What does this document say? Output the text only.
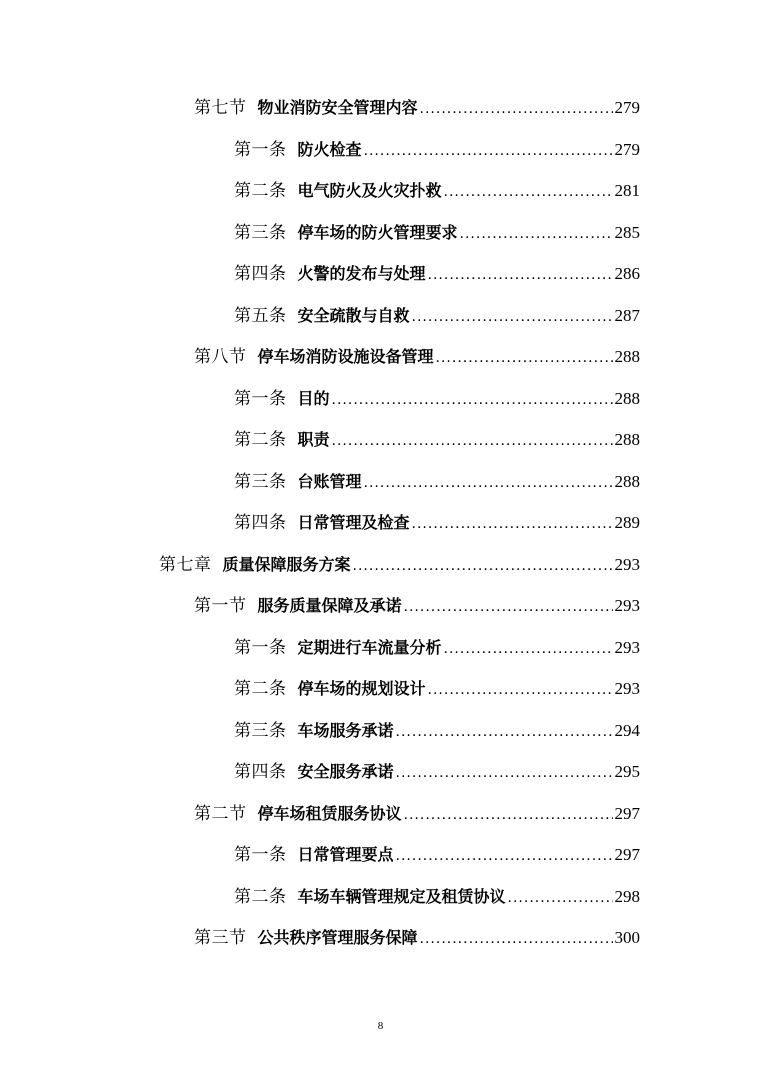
第七节 物业消防安全管理内容 .....	279
第一条 防火检查 .....	279
第二条 电气防火及火灾扑救 .....	281
第三条 停车场的防火管理要求 .....	285
第四条 火警的发布与处理 .....	286
第五条 安全疏散与自救 .....	287
第八节 停车场消防设施设备管理 .....	288
第一条 目的 .....	288
第二条 职责 .....	288
第三条 台账管理 .....	288
第四条 日常管理及检查 .....	289
第七章 质量保障服务方案 .....	293
第一节 服务质量保障及承诺 .....	293
第一条 定期进行车流量分析 .....	293
第二条 停车场的规划设计 .....	293
第三条 车场服务承诺 .....	294
第四条 安全服务承诺 .....	295
第二节 停车场租赁服务协议 .....	297
第一条 日常管理要点 .....	297
第二条 车场车辆管理规定及租赁协议 .....	298
第三节 公共秩序管理服务保障 .....	300
8
